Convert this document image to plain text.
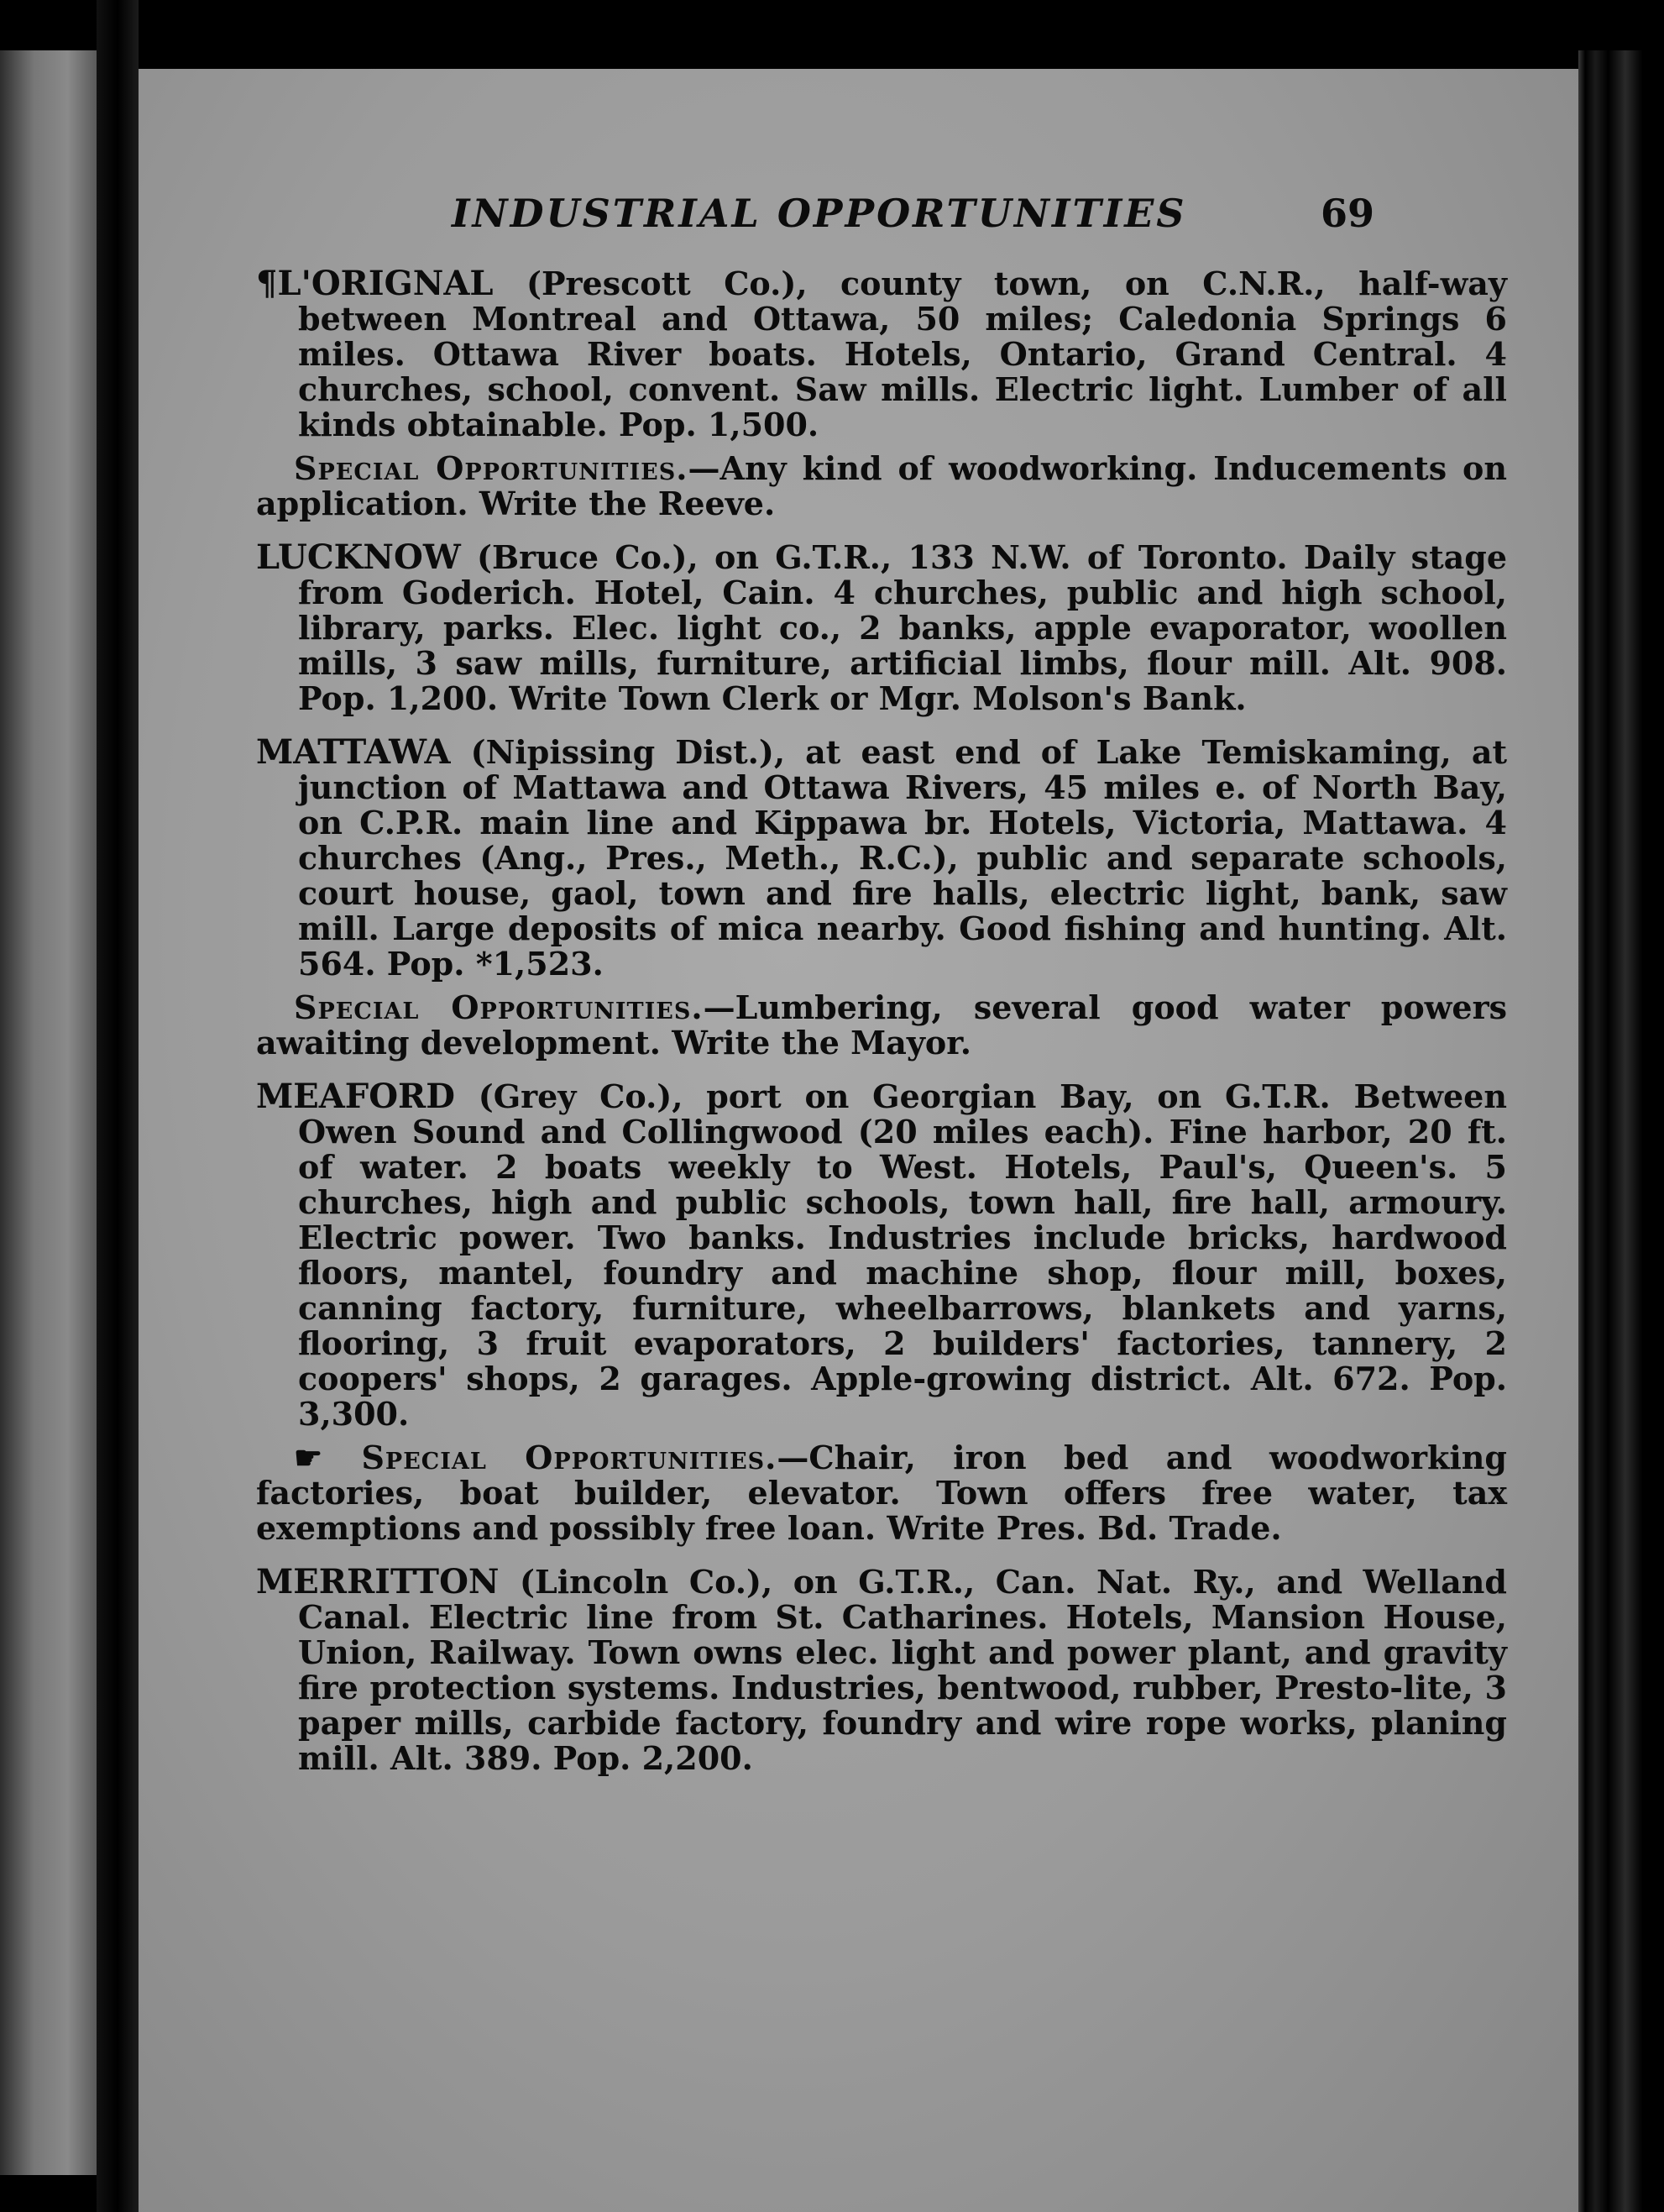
INDUSTRIAL OPPORTUNITIES	69

¶L'ORIGNAL (Prescott Co.), county town, on C.N.R., half-way between Montreal and Ottawa, 50 miles; Caledonia Springs 6 miles. Ottawa River boats. Hotels, Ontario, Grand Central. 4 churches, school, convent. Saw mills. Electric light. Lumber of all kinds obtainable. Pop. 1,500.

Special Opportunities.—Any kind of woodworking. Inducements on application. Write the Reeve.

LUCKNOW (Bruce Co.), on G.T.R., 133 N.W. of Toronto. Daily stage from Goderich. Hotel, Cain. 4 churches, public and high school, library, parks. Elec. light co., 2 banks, apple evaporator, woollen mills, 3 saw mills, furniture, artificial limbs, flour mill. Alt. 908. Pop. 1,200. Write Town Clerk or Mgr. Molson's Bank.

MATTAWA (Nipissing Dist.), at east end of Lake Temiskaming, at junction of Mattawa and Ottawa Rivers, 45 miles e. of North Bay, on C.P.R. main line and Kippawa br. Hotels, Victoria, Mattawa. 4 churches (Ang., Pres., Meth., R.C.), public and separate schools, court house, gaol, town and fire halls, electric light, bank, saw mill. Large deposits of mica nearby. Good fishing and hunting. Alt. 564. Pop. *1,523.

Special Opportunities.—Lumbering, several good water powers awaiting development. Write the Mayor.

MEAFORD (Grey Co.), port on Georgian Bay, on G.T.R. Between Owen Sound and Collingwood (20 miles each). Fine harbor, 20 ft. of water. 2 boats weekly to West. Hotels, Paul's, Queen's. 5 churches, high and public schools, town hall, fire hall, armoury. Electric power. Two banks. Industries include bricks, hardwood floors, mantel, foundry and machine shop, flour mill, boxes, canning factory, furniture, wheelbarrows, blankets and yarns, flooring, 3 fruit evaporators, 2 builders' factories, tannery, 2 coopers' shops, 2 garages. Apple-growing district. Alt. 672. Pop. 3,300.

☛ Special Opportunities.—Chair, iron bed and woodworking factories, boat builder, elevator. Town offers free water, tax exemptions and possibly free loan. Write Pres. Bd. Trade.

MERRITTON (Lincoln Co.), on G.T.R., Can. Nat. Ry., and Welland Canal. Electric line from St. Catharines. Hotels, Mansion House, Union, Railway. Town owns elec. light and power plant, and gravity fire protection systems. Industries, bentwood, rubber, Presto-lite, 3 paper mills, carbide factory, foundry and wire rope works, planing mill. Alt. 389. Pop. 2,200.
